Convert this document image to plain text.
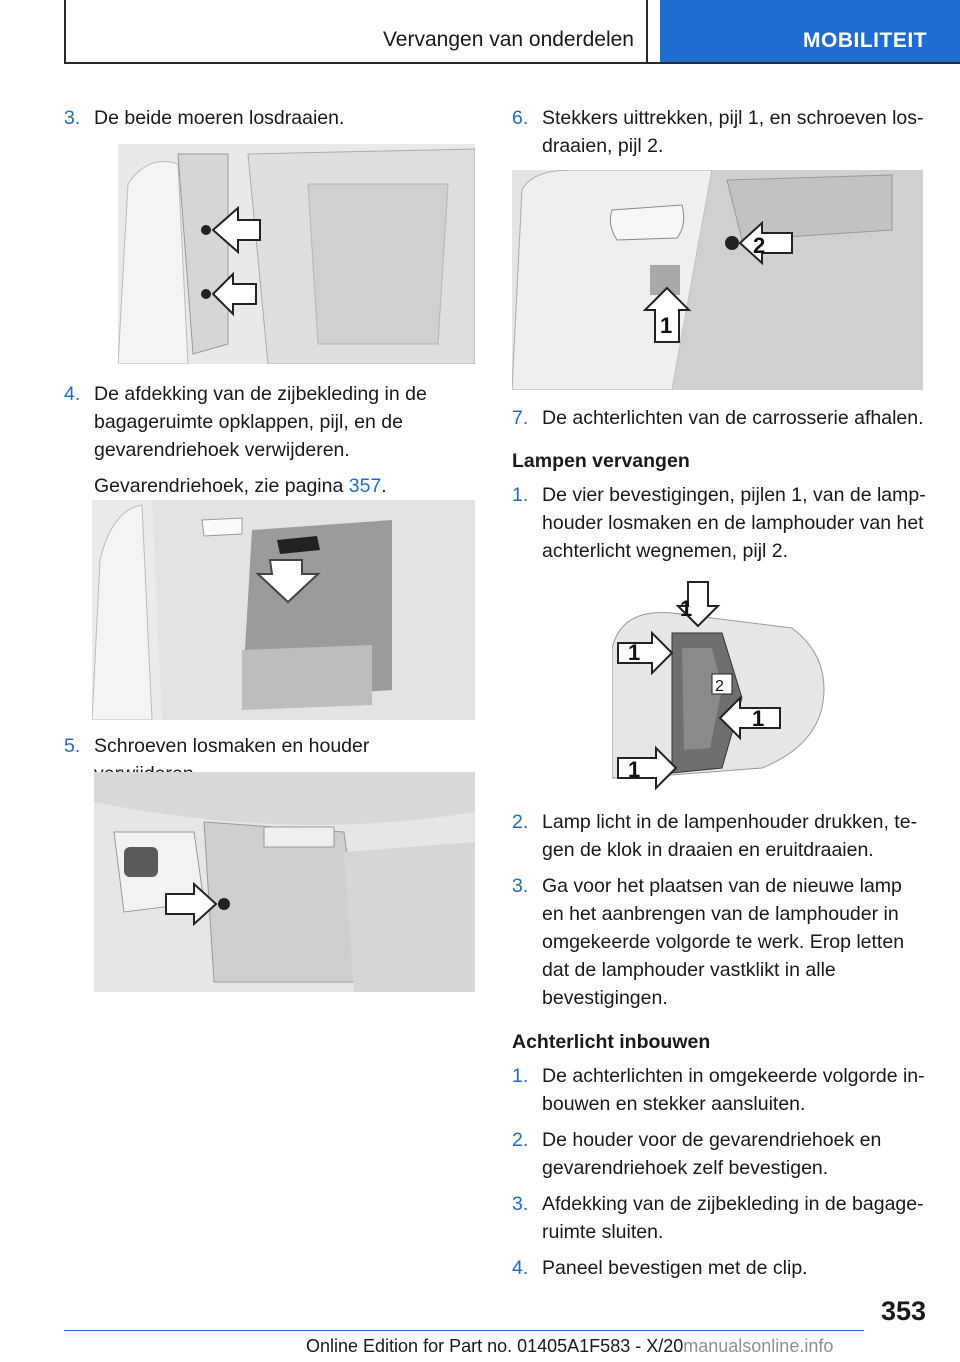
Vervangen van onderdelen	MOBILITEIT

3. De beide moeren losdraaien.

4. De afdekking van de zijbekleding in de bagageruimte opklappen, pijl, en de gevarendriehoek verwijderen.

Gevarendriehoek, zie pagina 357.

5. Schroeven losmaken en houder

6. Stekkers uittrekken, pijl 1, en schroeven losdraaien, pijl 2.

2
1

7. De achterlichten van de carrosserie afhalen.

Lampen vervangen

1. De vier bevestigingen, pijlen 1, van de lamphouder losmaken en de lamphouder van het achterlicht wegnemen, pijl 2.

2
1
1
1
1

2. Lamp licht in de lampenhouder drukken, tegen de klok in draaien en eruitdraaien.

3. Ga voor het plaatsen van de nieuwe lamp en het aanbrengen van de lamphouder in omgekeerde volgorde te werk. Erop letten dat de lamphouder vastklikt in alle bevestigingen.

Achterlicht inbouwen

1. De achterlichten in omgekeerde volgorde inbouwen en stekker aansluiten.

2. De houder voor de gevarendriehoek en gevarendriehoek zelf bevestigen.

3. Afdekking van de zijbekleding in de bagageruimte sluiten.

4. Paneel bevestigen met de clip.

353
Online Edition for Part no. 01405A1F583 - X/20manualsonline.info
